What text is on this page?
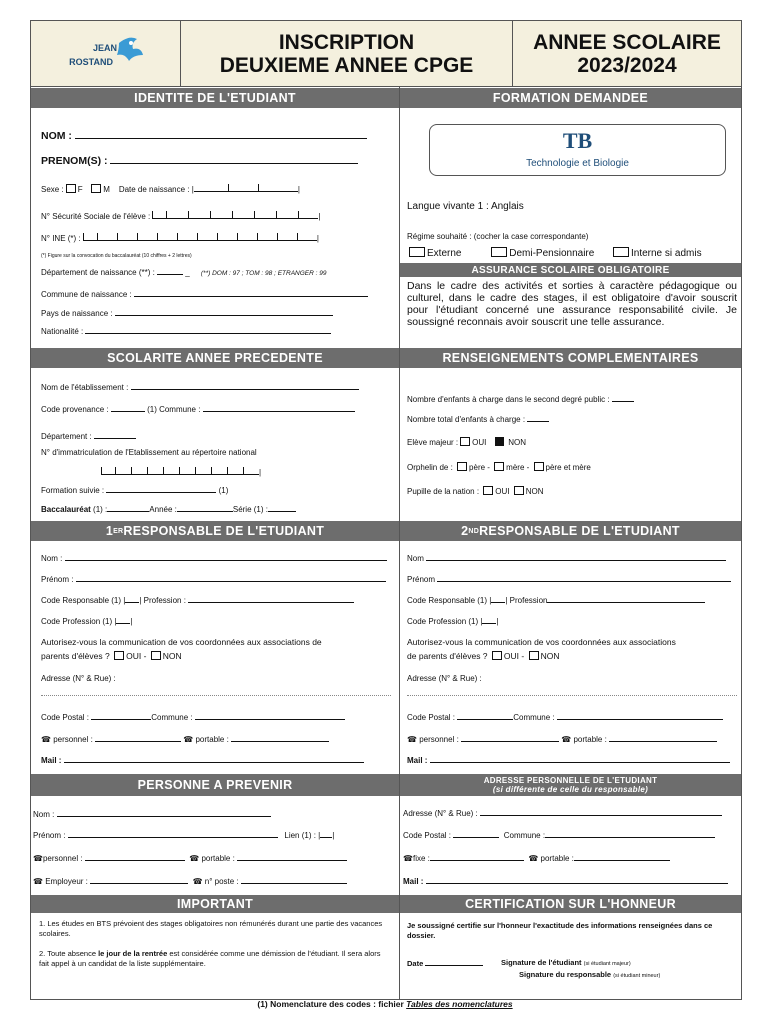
JEAN
ROSTAND
INSCRIPTION
DEUXIEME ANNEE CPGE
ANNEE SCOLAIRE
2023/2024
IDENTITE DE L'ETUDIANT
NOM :
PRENOM(S) :
Sexe : F	M Date de naissance : |	|
N° Sécurité Sociale de l'élève :	|
N° INE (*) :	|
(*) Figure sur la convocation du baccalauréat (10 chiffres + 2 lettres)
Département de naissance (**) :	_     (**) DOM : 97 ; TOM : 98 ; ETRANGER : 99
Commune de naissance :
Pays de naissance :
Nationalité :
FORMATION DEMANDEE
TB
Technologie et Biologie
Langue vivante 1 : Anglais
Régime souhaité : (cocher la case correspondante)
Externe	Demi-Pensionnaire	Interne si admis
ASSURANCE SCOLAIRE OBLIGATOIRE
Dans le cadre des activités et sorties à caractère pédagogique ou culturel, dans le cadre des stages, il est obligatoire d'avoir souscrit pour l'étudiant concerné une assurance responsabilité civile. Je soussigné reconnais avoir souscrit une telle assurance.
SCOLARITE ANNEE PRECEDENTE
Nom de l'établissement :
Code provenance :	(1) Commune :
Département :
N° d'immatriculation de l'Etablissement au répertoire national
|
Formation suivie :	(1)
Baccalauréat (1) :	Année :	Série (1) :
RENSEIGNEMENTS COMPLEMENTAIRES
Nombre d'enfants à charge dans le second degré public :
Nombre total d'enfants à charge :
Elève majeur : OUI	NON
Orphelin de : père - mère - père et mère
Pupille de la nation : OUI NON
1 ER RESPONSABLE DE L'ETUDIANT
Nom :
Prénom :
Code Responsable (1) | | Profession :
Code Profession (1) | |
Autorisez-vous la communication de vos coordonnées aux associations de
parents d'élèves ? OUI - NON
Adresse (N° & Rue) :
Code Postal :	Commune :
☎ personnel :	☎ portable :
Mail :
2 ND RESPONSABLE DE L'ETUDIANT
Nom
Prénom
Code Responsable (1) | | Profession
Code Profession (1) | |
Autorisez-vous la communication de vos coordonnées aux associations
de parents d'élèves ? OUI - NON
Adresse (N° & Rue) :
Code Postal :	Commune :
☎ personnel :	☎ portable :
Mail :
PERSONNE A PREVENIR
Nom :
Prénom :	Lien (1) : | |
☎personnel :	☎ portable :
☎ Employeur :	☎ n° poste :
ADRESSE PERSONNELLE DE L'ETUDIANT
(si différente de celle du responsable)
Adresse (N° & Rue) :
Code Postal :	Commune :
☎fixe :	☎ portable :
Mail :
IMPORTANT
1. Les études en BTS prévoient des stages obligatoires non rémunérés durant une partie des vacances scolaires.
2. Toute absence le jour de la rentrée est considérée comme une démission de l'étudiant. Il sera alors fait appel à un candidat de la liste supplémentaire.
CERTIFICATION SUR L'HONNEUR
Je soussigné certifie sur l'honneur l'exactitude des informations renseignées dans ce dossier.
Date	Signature de l'étudiant (si étudiant majeur)
Signature du responsable (si étudiant mineur)
(1) Nomenclature des codes : fichier Tables des nomenclatures
